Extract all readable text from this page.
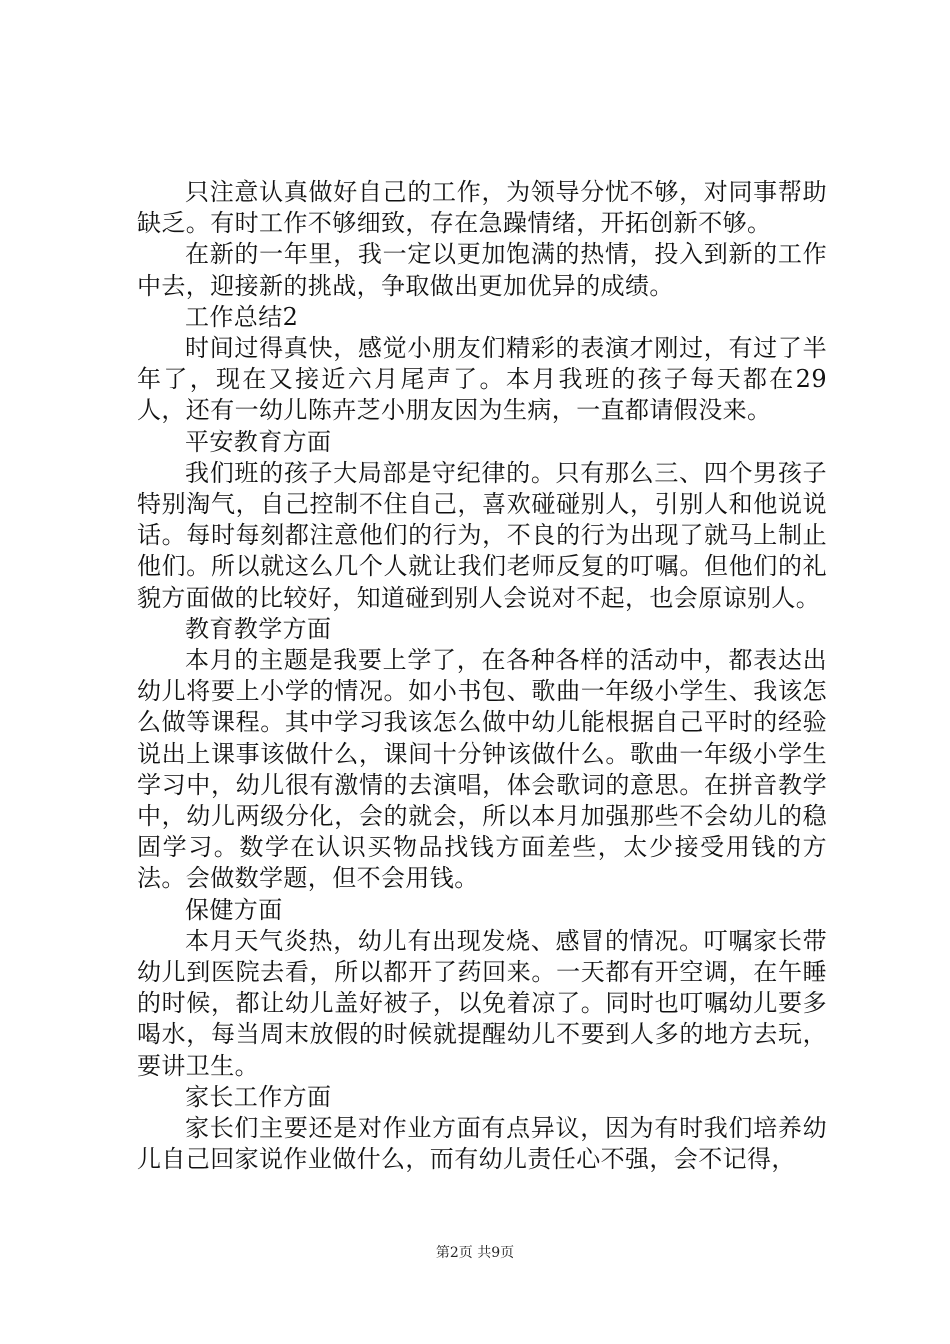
只注意认真做好自己的工作，为领导分忧不够，对同事帮助缺乏。有时工作不够细致，存在急躁情绪，开拓创新不够。

在新的一年里，我一定以更加饱满的热情，投入到新的工作中去，迎接新的挑战，争取做出更加优异的成绩。

工作总结2

时间过得真快，感觉小朋友们精彩的表演才刚过，有过了半年了，现在又接近六月尾声了。本月我班的孩子每天都在29人，还有一幼儿陈卉芝小朋友因为生病，一直都请假没来。

平安教育方面

我们班的孩子大局部是守纪律的。只有那么三、四个男孩子特别淘气，自己控制不住自己，喜欢碰碰别人，引别人和他说说话。每时每刻都注意他们的行为，不良的行为出现了就马上制止他们。所以就这么几个人就让我们老师反复的叮嘱。但他们的礼貌方面做的比较好，知道碰到别人会说对不起，也会原谅别人。

教育教学方面

本月的主题是我要上学了，在各种各样的活动中，都表达出幼儿将要上小学的情况。如小书包、歌曲一年级小学生、我该怎么做等课程。其中学习我该怎么做中幼儿能根据自己平时的经验说出上课事该做什么，课间十分钟该做什么。歌曲一年级小学生学习中，幼儿很有激情的去演唱，体会歌词的意思。在拼音教学中，幼儿两级分化，会的就会，所以本月加强那些不会幼儿的稳固学习。数学在认识买物品找钱方面差些，太少接受用钱的方法。会做数学题，但不会用钱。

保健方面

本月天气炎热，幼儿有出现发烧、感冒的情况。叮嘱家长带幼儿到医院去看，所以都开了药回来。一天都有开空调，在午睡的时候，都让幼儿盖好被子，以免着凉了。同时也叮嘱幼儿要多喝水，每当周末放假的时候就提醒幼儿不要到人多的地方去玩，要讲卫生。

家长工作方面

家长们主要还是对作业方面有点异议，因为有时我们培养幼儿自己回家说作业做什么，而有幼儿责任心不强，会不记得，

第2页 共9页
